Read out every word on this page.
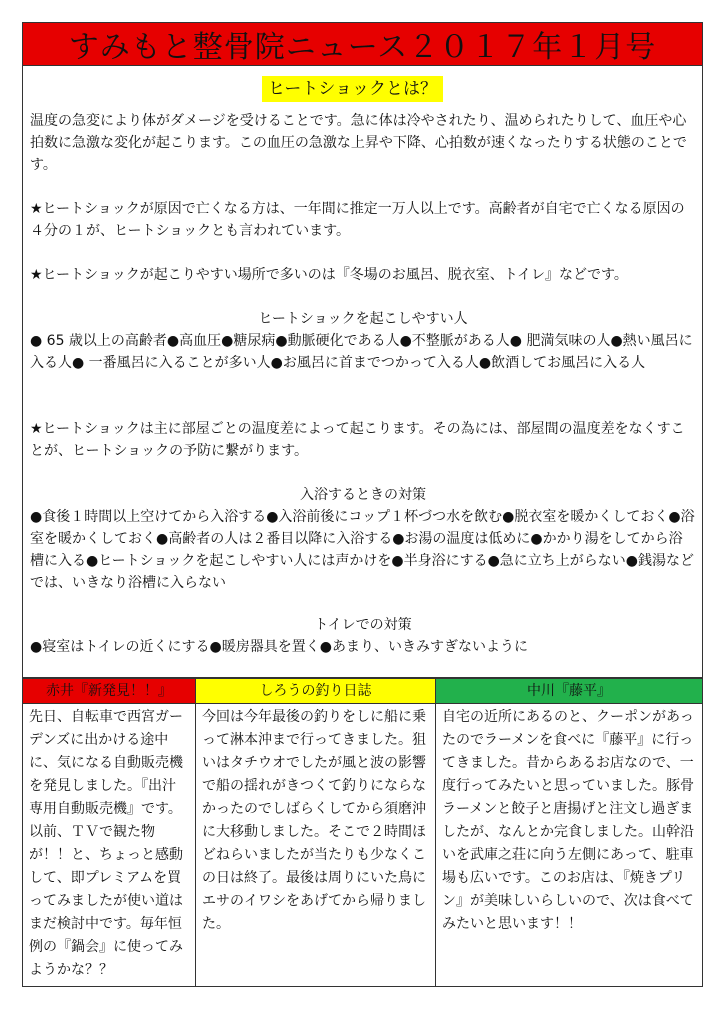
すみもと整骨院ニュース２０１７年１月号
ヒートショックとは？

温度の急変により体がダメージを受けることです。急に体は冷やされたり、温められたりして、血圧や心拍数に急激な変化が起こります。この血圧の急激な上昇や下降、心拍数が速くなったりする状態のことです。

★ヒートショックが原因で亡くなる方は、一年間に推定一万人以上です。高齢者が自宅で亡くなる原因の４分の１が、ヒートショックとも言われています。

★ヒートショックが起こりやすい場所で多いのは『冬場のお風呂、脱衣室、トイレ』などです。

ヒートショックを起こしやすい人

● 65 歳以上の高齢者●高血圧●糖尿病●動脈硬化である人●不整脈がある人● 肥満気味の人●熱い風呂に入る人● 一番風呂に入ることが多い人●お風呂に首までつかって入る人●飲酒してお風呂に入る人

★ヒートショックは主に部屋ごとの温度差によって起こります。その為には、部屋間の温度差をなくすことが、ヒートショックの予防に繋がります。

入浴するときの対策

●食後１時間以上空けてから入浴する●入浴前後にコップ１杯づつ水を飲む●脱衣室を暖かくしておく●浴室を暖かくしておく●高齢者の人は２番目以降に入浴する●お湯の温度は低めに●かかり湯をしてから浴槽に入る●ヒートショックを起こしやすい人には声かけを●半身浴にする●急に立ち上がらない●銭湯などでは、いきなり浴槽に入らない

トイレでの対策

●寝室はトイレの近くにする●暖房器具を置く●あまり、いきみすぎないように

赤井『新発見！！』
先日、自転車で西宮ガーデンズに出かける途中に、気になる自動販売機を発見しました。『出汁専用自動販売機』です。以前、ＴＶで観た物が！！と、ちょっと感動して、即プレミアムを買ってみましたが使い道はまだ検討中です。毎年恒例の『鍋会』に使ってみようかな？？
しろうの釣り日誌
今回は今年最後の釣りをしに船に乗って淋本沖まで行ってきました。狙いはタチウオでしたが風と波の影響で船の揺れがきつくて釣りにならなかったのでしばらくしてから須磨沖に大移動しました。そこで２時間ほどねらいましたが当たりも少なくこの日は終了。最後は周りにいた鳥にエサのイワシをあげてから帰りました。
中川『藤平』
自宅の近所にあるのと、クーポンがあったのでラーメンを食べに『藤平』に行ってきました。昔からあるお店なので、一度行ってみたいと思っていました。豚骨ラーメンと餃子と唐揚げと注文し過ぎましたが、なんとか完食しました。山幹沿いを武庫之荘に向う左側にあって、駐車場も広いです。このお店は、『焼きプリン』が美味しいらしいので、次は食べてみたいと思います！！
